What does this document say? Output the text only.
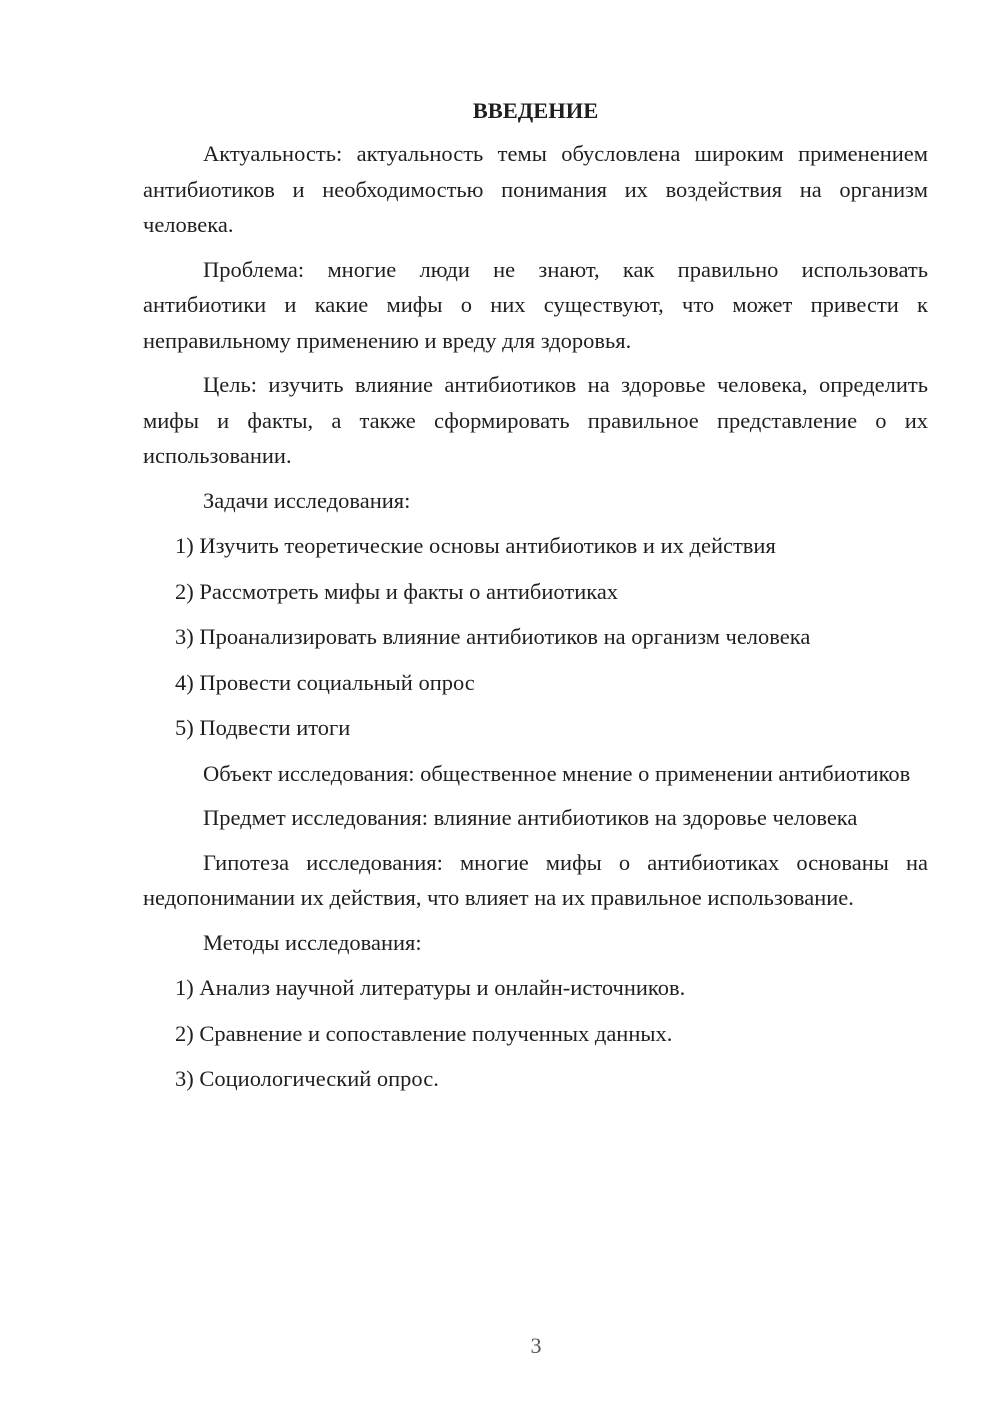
ВВЕДЕНИЕ

Актуальность: актуальность темы обусловлена широким применением антибиотиков и необходимостью понимания их воздействия на организм человека.

Проблема: многие люди не знают, как правильно использовать антибиотики и какие мифы о них существуют, что может привести к неправильному применению и вреду для здоровья.

Цель: изучить влияние антибиотиков на здоровье человека, определить мифы и факты, а также сформировать правильное представление о их использовании.

Задачи исследования:

1) Изучить теоретические основы антибиотиков и их действия
2) Рассмотреть мифы и факты о антибиотиках
3) Проанализировать влияние антибиотиков на организм человека
4) Провести социальный опрос
5) Подвести итоги

Объект исследования: общественное мнение о применении антибиотиков

Предмет исследования: влияние антибиотиков на здоровье человека

Гипотеза исследования: многие мифы о антибиотиках основаны на недопонимании их действия, что влияет на их правильное использование.

Методы исследования:

1) Анализ научной литературы и онлайн-источников.
2) Сравнение и сопоставление полученных данных.
3) Социологический опрос.
3
